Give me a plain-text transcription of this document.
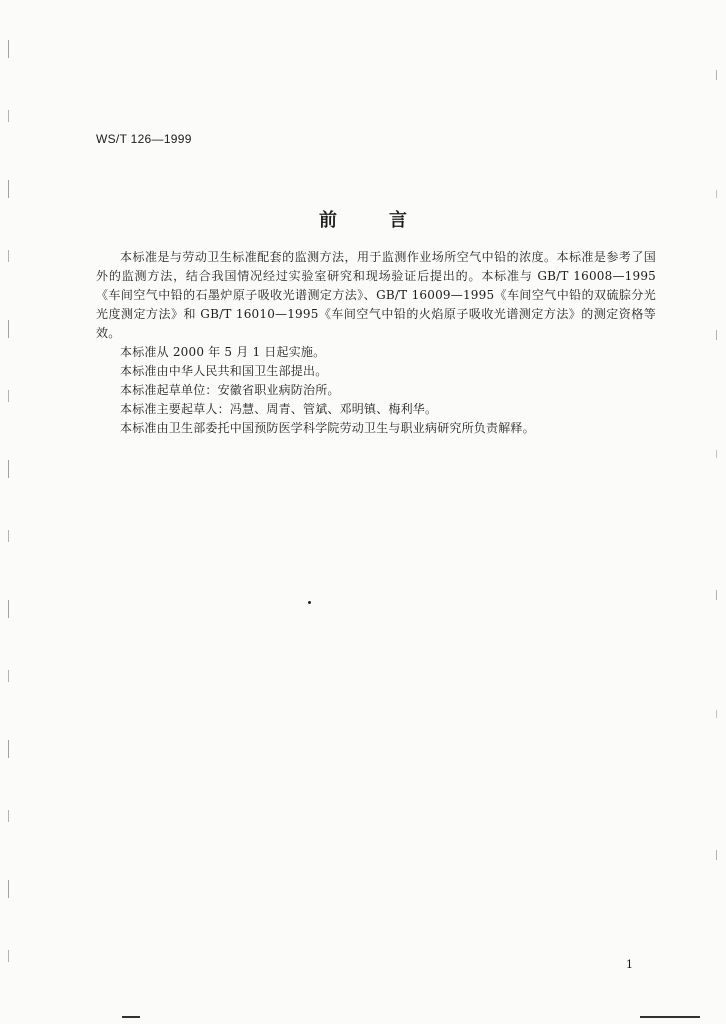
WS/T 126—1999
前	言

本标准是与劳动卫生标准配套的监测方法，用于监测作业场所空气中铅的浓度。本标准是参考了国外的监测方法，结合我国情况经过实验室研究和现场验证后提出的。本标准与 GB/T 16008—1995《车间空气中铅的石墨炉原子吸收光谱测定方法》、GB/T 16009—1995《车间空气中铅的双硫腙分光光度测定方法》和 GB/T 16010—1995《车间空气中铅的火焰原子吸收光谱测定方法》的测定资格等效。

本标准从 2000 年 5 月 1 日起实施。

本标准由中华人民共和国卫生部提出。

本标准起草单位：安徽省职业病防治所。

本标准主要起草人：冯慧、周青、管斌、邓明镇、梅利华。

本标准由卫生部委托中国预防医学科学院劳动卫生与职业病研究所负责解释。

1
